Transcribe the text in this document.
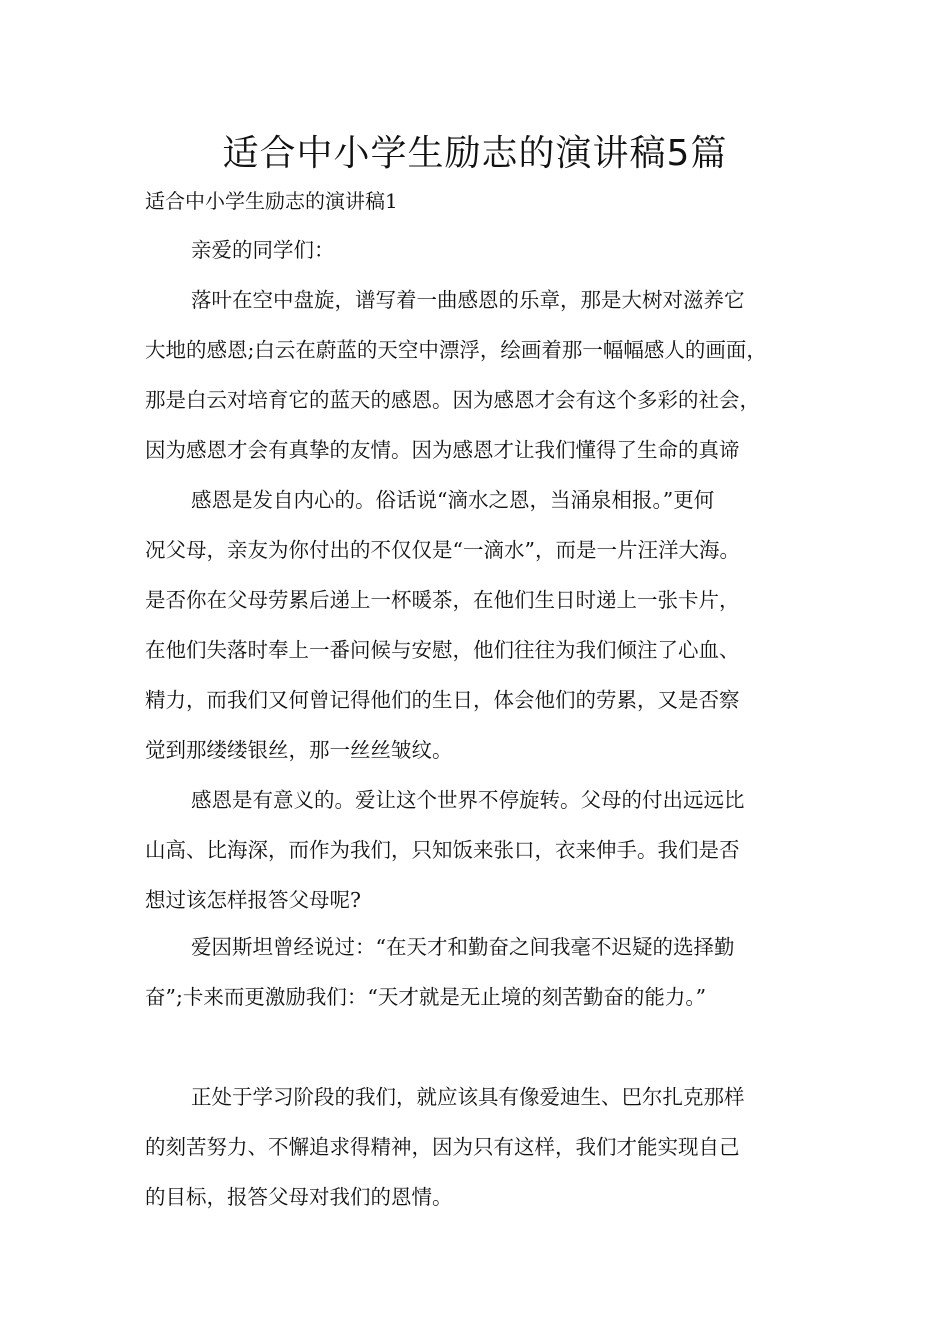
适合中小学生励志的演讲稿5篇
适合中小学生励志的演讲稿1
亲爱的同学们：
落叶在空中盘旋，谱写着一曲感恩的乐章，那是大树对滋养它
大地的感恩;白云在蔚蓝的天空中漂浮，绘画着那一幅幅感人的画面，
那是白云对培育它的蓝天的感恩。因为感恩才会有这个多彩的社会，
因为感恩才会有真挚的友情。因为感恩才让我们懂得了生命的真谛
感恩是发自内心的。俗话说“滴水之恩，当涌泉相报。”更何
况父母，亲友为你付出的不仅仅是“一滴水”，而是一片汪洋大海。
是否你在父母劳累后递上一杯暖茶，在他们生日时递上一张卡片，
在他们失落时奉上一番问候与安慰，他们往往为我们倾注了心血、
精力，而我们又何曾记得他们的生日，体会他们的劳累，又是否察
觉到那缕缕银丝，那一丝丝皱纹。
感恩是有意义的。爱让这个世界不停旋转。父母的付出远远比
山高、比海深，而作为我们，只知饭来张口，衣来伸手。我们是否
想过该怎样报答父母呢?
爱因斯坦曾经说过：“在天才和勤奋之间我毫不迟疑的选择勤
奋”;卡来而更激励我们：“天才就是无止境的刻苦勤奋的能力。”
正处于学习阶段的我们，就应该具有像爱迪生、巴尔扎克那样
的刻苦努力、不懈追求得精神，因为只有这样，我们才能实现自己
的目标，报答父母对我们的恩情。
